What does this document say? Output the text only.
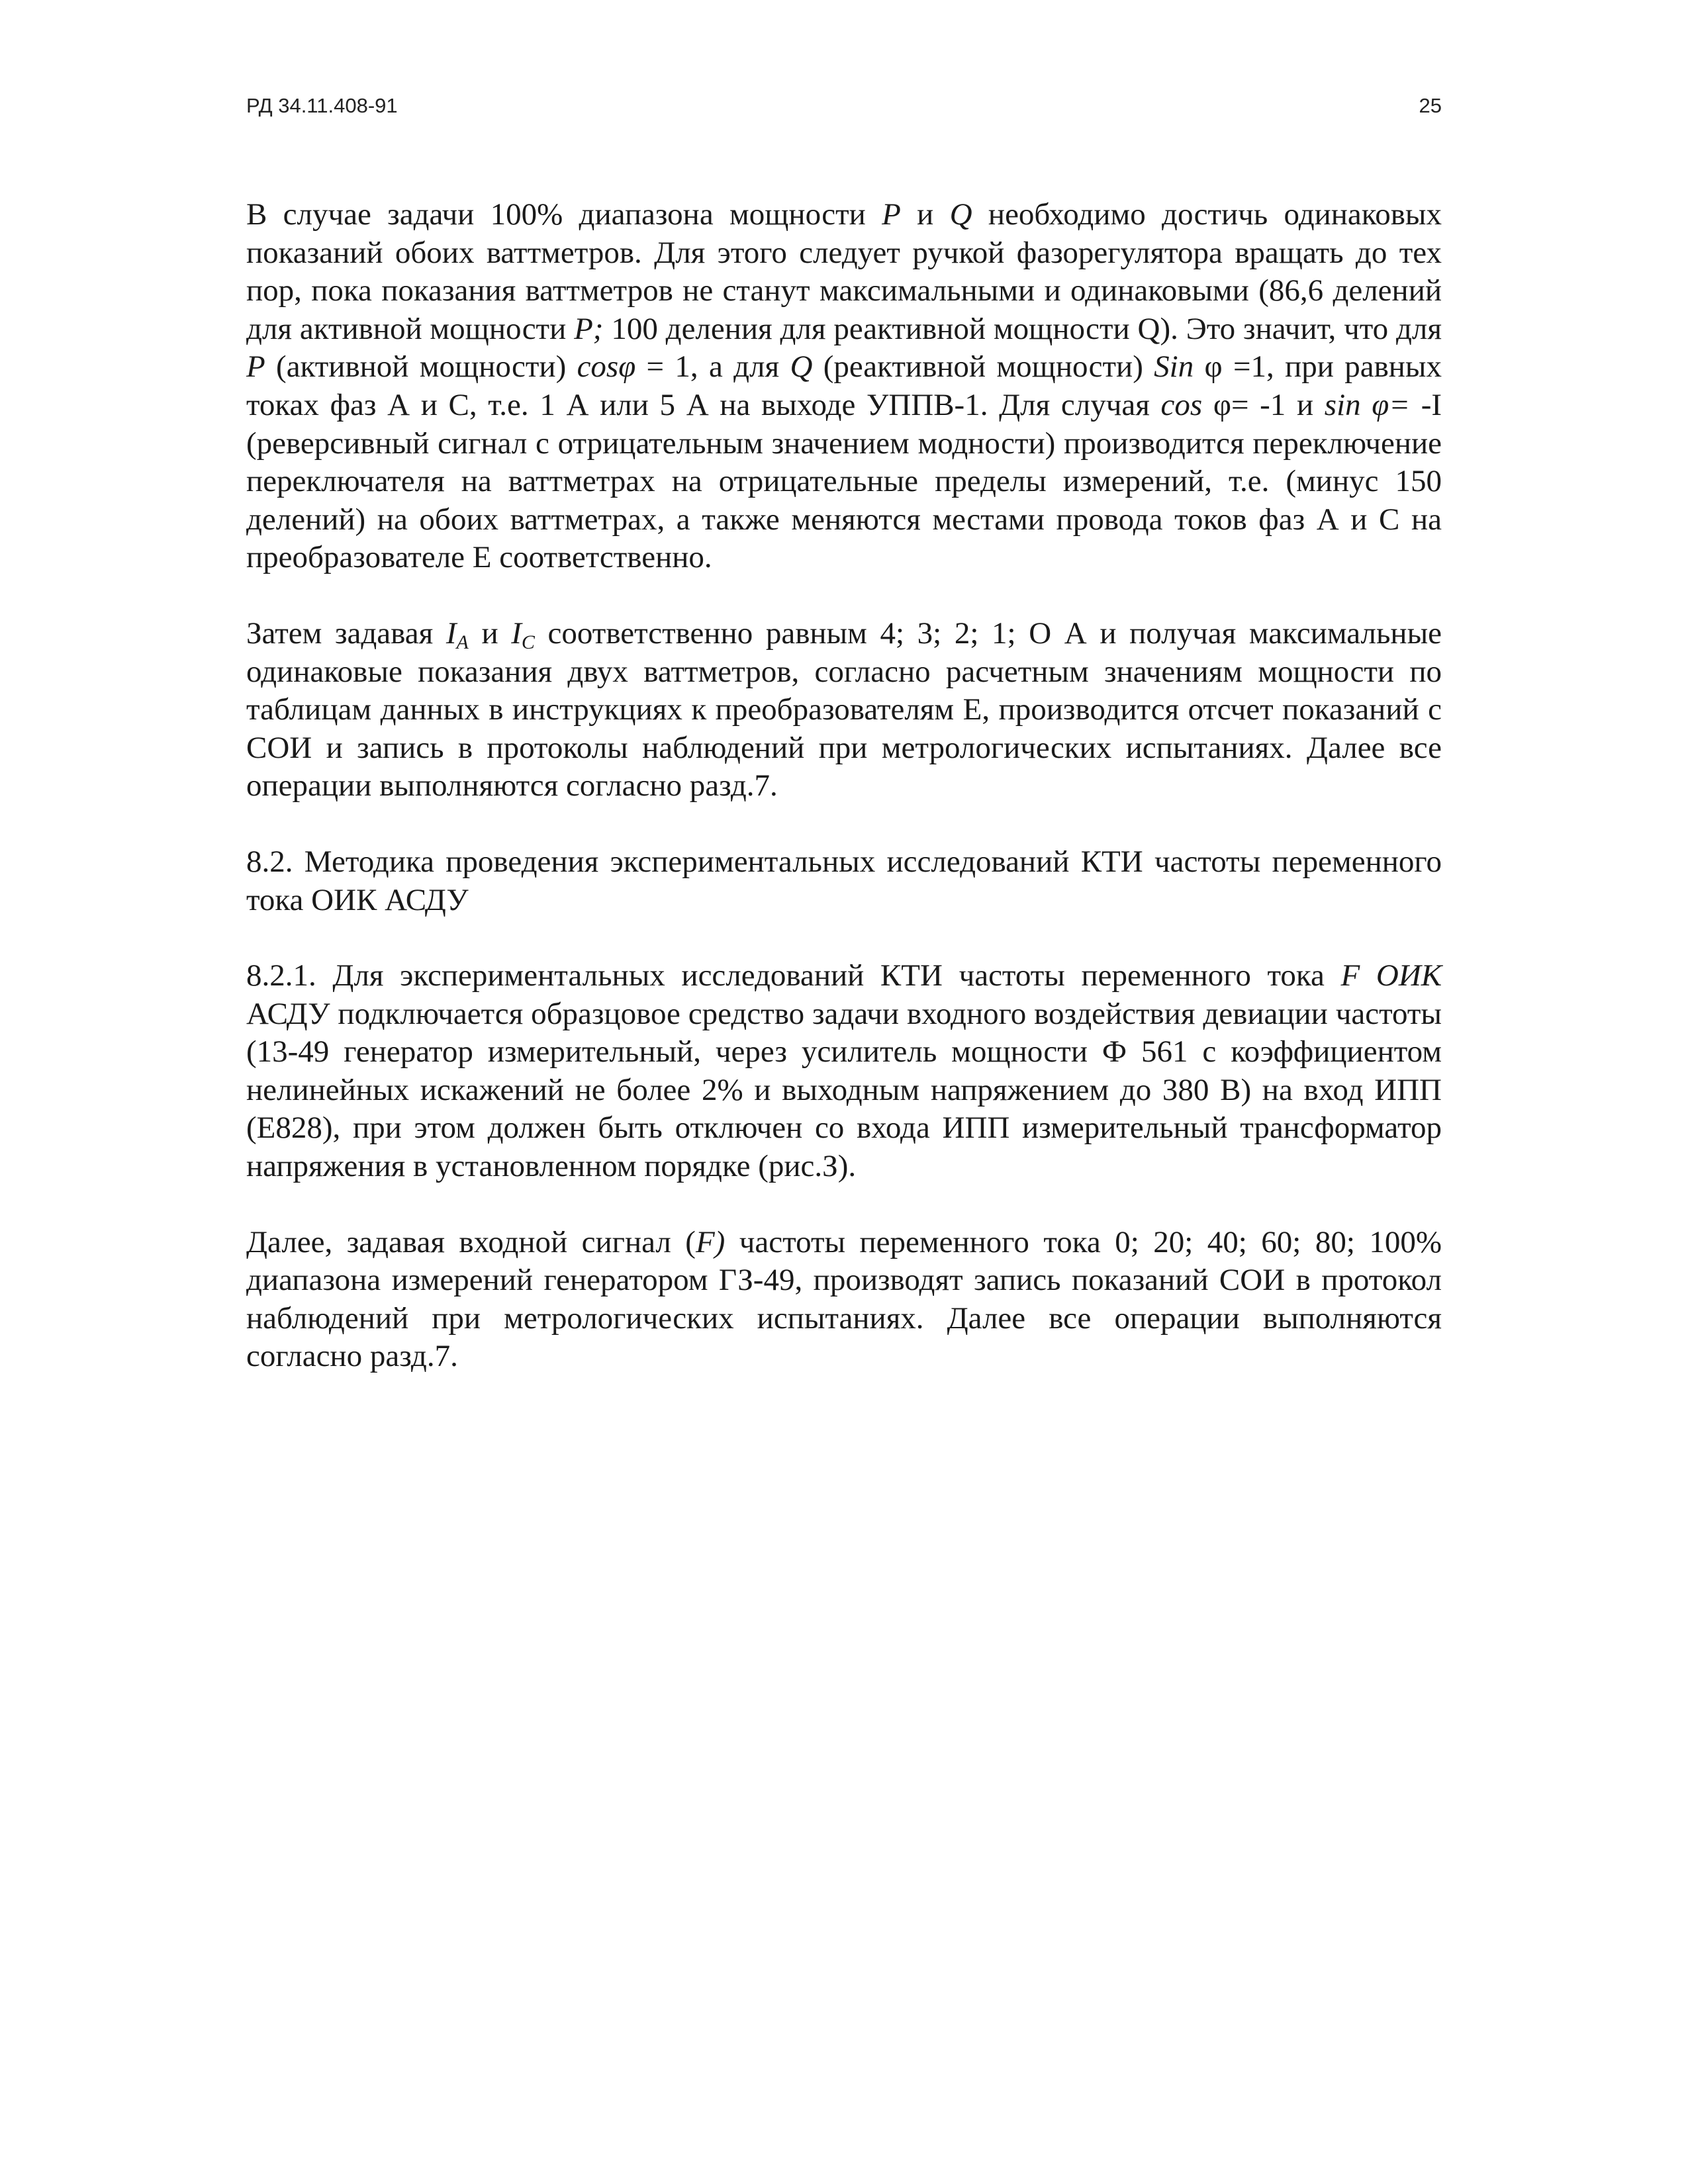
РД 34.11.408-91	25

В случае задачи 100% диапазона мощности P и Q необходимо достичь одинаковых показаний обоих ваттметров. Для этого следует ручкой фазорегулятора вращать до тех пор, пока показания ваттметров не станут максимальными и одинаковыми (86,6 делений для активной мощности P; 100 деления для реактивной мощности Q). Это значит, что для P (активной мощности) cosφ = 1, а для Q (реактивной мощности) Sin φ =1, при равных токах фаз А и С, т.е. 1 А или 5 А на выходе УППВ-1. Для случая cos φ= -1 и sin φ= -I (реверсивный сигнал с отрицательным значением модности) производится переключение переключателя на ваттметрах на отрицательные пределы измерений, т.е. (минус 150 делений) на обоих ваттметрах, а также меняются местами провода токов фаз А и С на преобразователе Е соответственно.

Затем задавая $I_A$ и $I_C$ соответственно равным 4; 3; 2; 1; О А и получая максимальные одинаковые показания двух ваттметров, согласно расчетным значениям мощности по таблицам данных в инструкциях к преобразователям Е, производится отсчет показаний с СОИ и запись в протоколы наблюдений при метрологических испытаниях. Далее все операции выполняются согласно разд.7.

8.2. Методика проведения экспериментальных исследований КТИ частоты переменного тока ОИК АСДУ

8.2.1. Для экспериментальных исследований КТИ частоты переменного тока F ОИК АСДУ подключается образцовое средство задачи входного воздействия девиации частоты (13-49 генератор измерительный, через усилитель мощности Ф 561 с коэффициентом нелинейных искажений не более 2% и выходным напряжением до 380 В) на вход ИПП (Е828), при этом должен быть отключен со входа ИПП измерительный трансформатор напряжения в установленном порядке (рис.З).

Далее, задавая входной сигнал (F) частоты переменного тока 0; 20; 40; 60; 80; 100% диапазона измерений генератором ГЗ-49, производят запись показаний СОИ в протокол наблюдений при метрологических испытаниях. Далее все операции выполняются согласно разд.7.
